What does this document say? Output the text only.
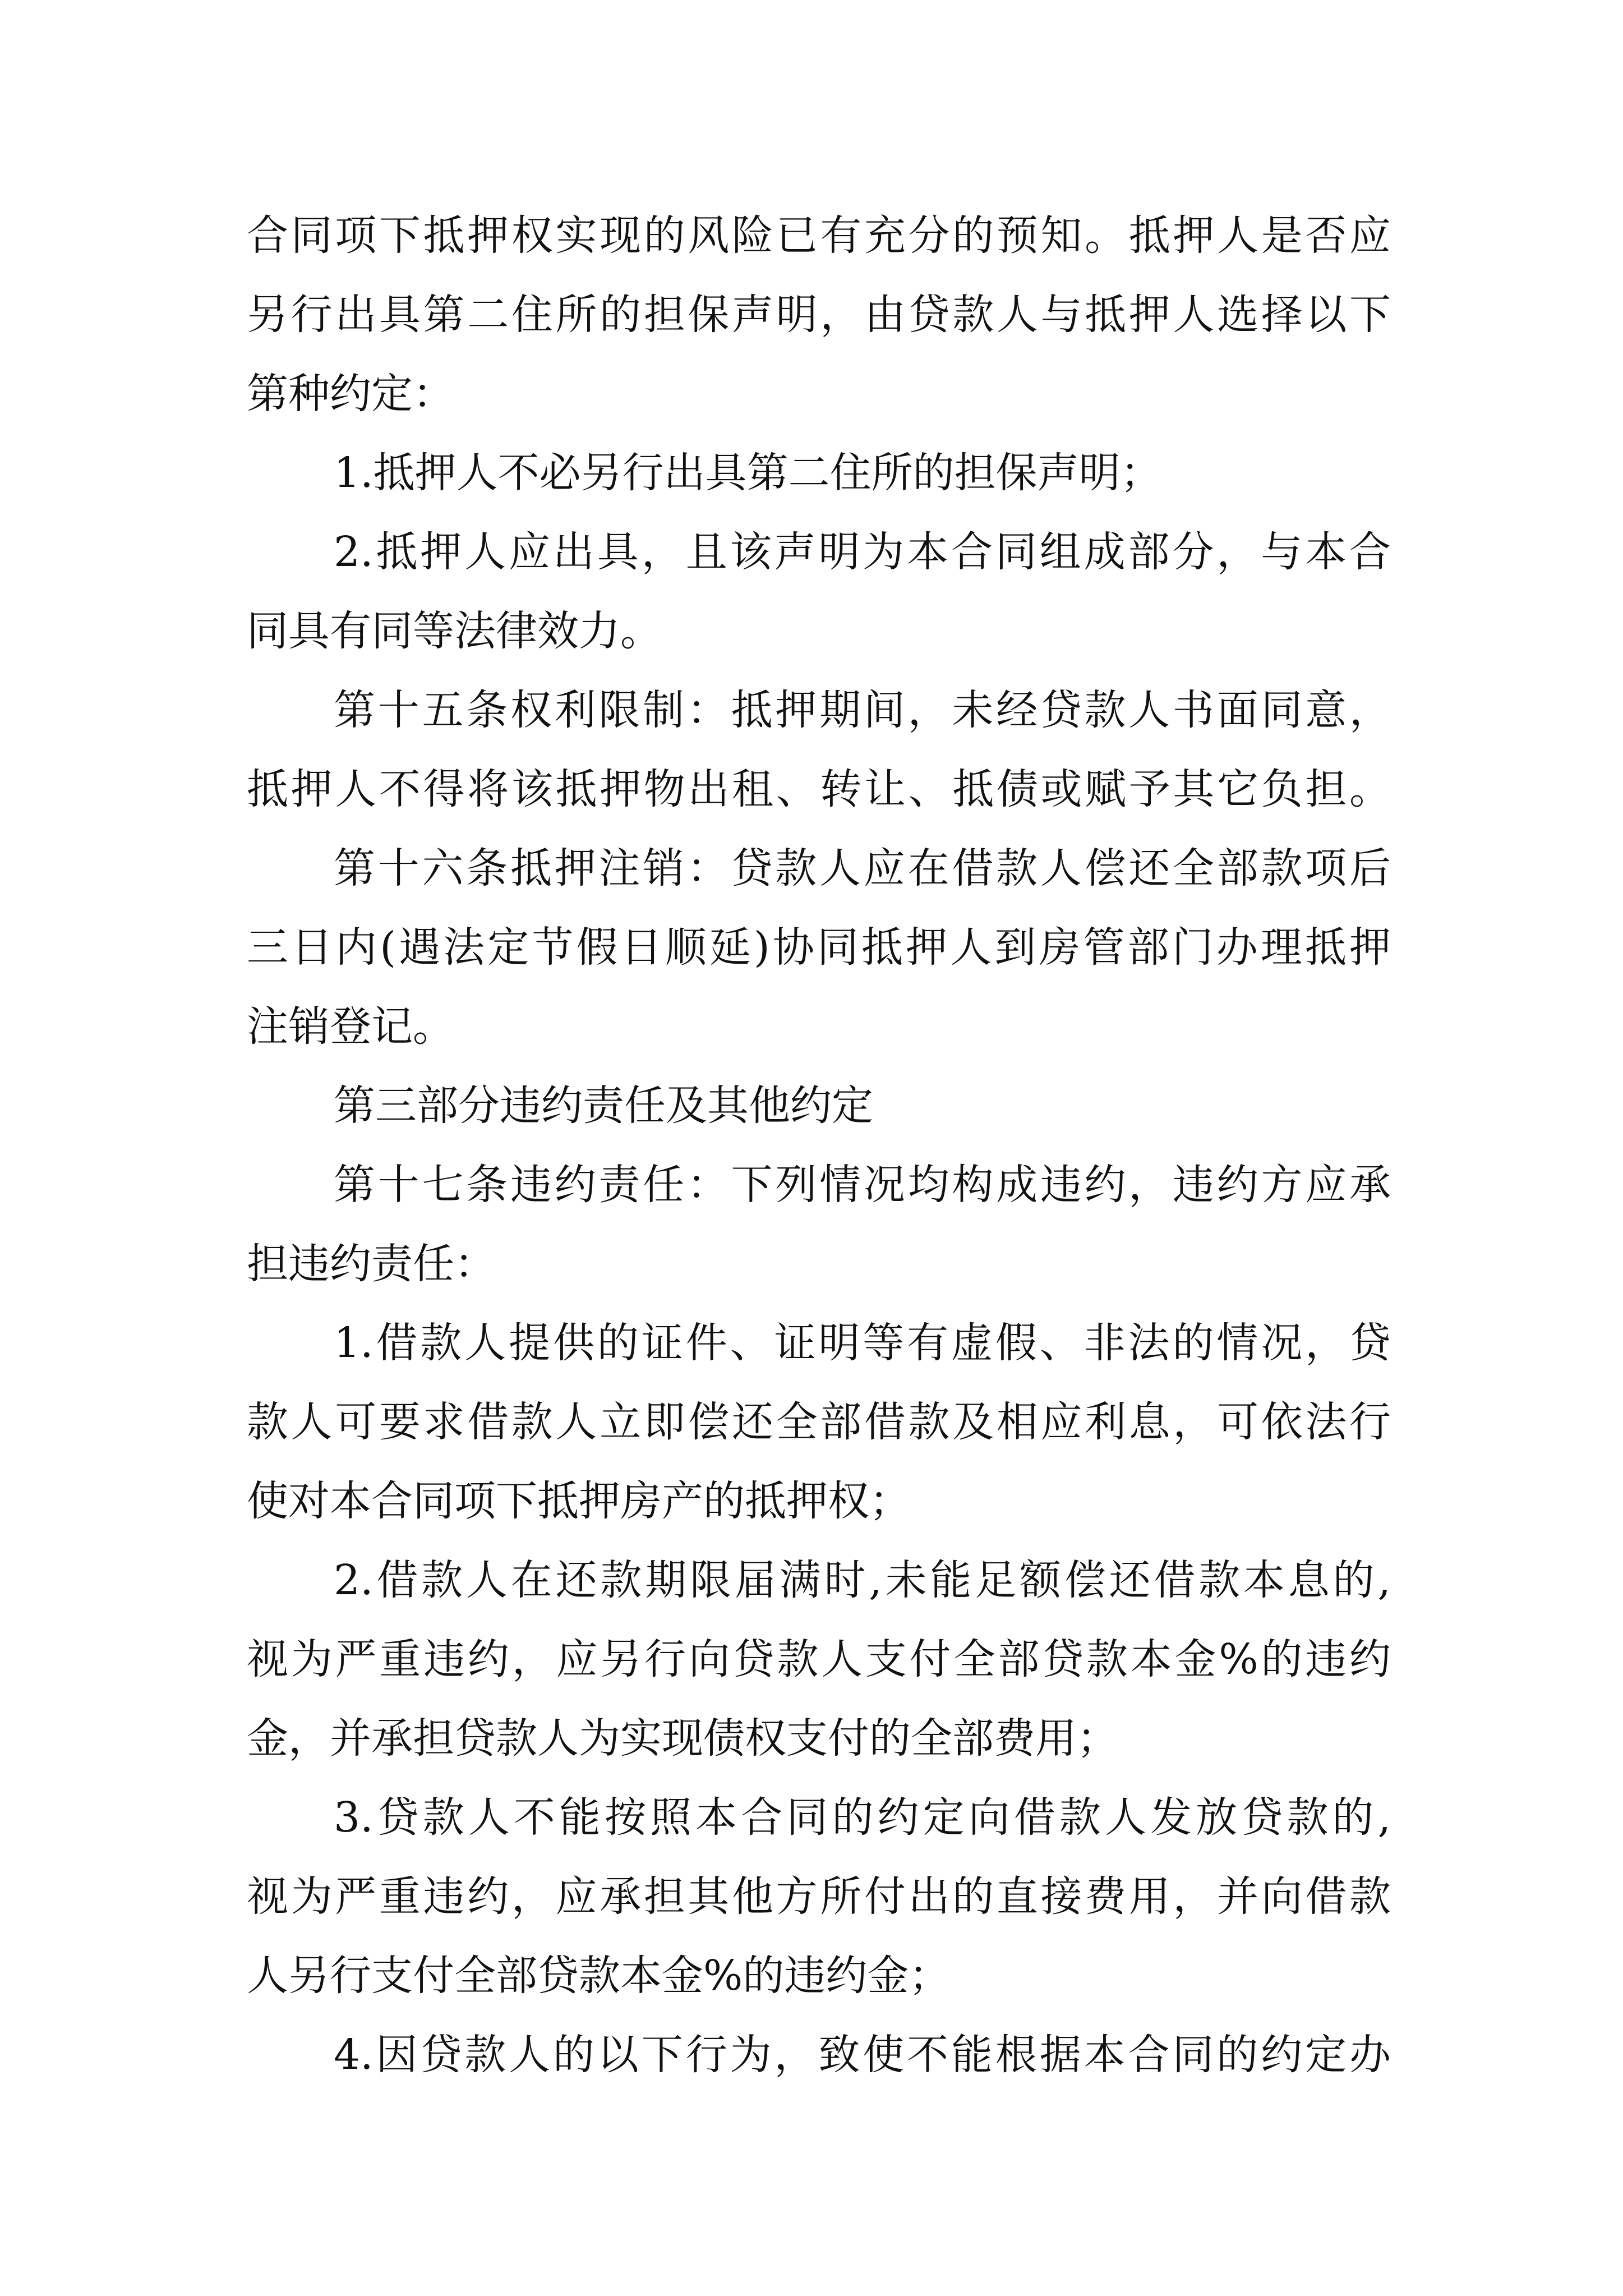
合同项下抵押权实现的风险已有充分的预知。抵押人是否应
另行出具第二住所的担保声明，由贷款人与抵押人选择以下
第种约定：
1.抵押人不必另行出具第二住所的担保声明；
2.抵押人应出具，且该声明为本合同组成部分，与本合
同具有同等法律效力。
第十五条权利限制：抵押期间，未经贷款人书面同意，
抵押人不得将该抵押物出租、转让、抵债或赋予其它负担。
第十六条抵押注销：贷款人应在借款人偿还全部款项后
三日内(遇法定节假日顺延)协同抵押人到房管部门办理抵押
注销登记。
第三部分违约责任及其他约定
第十七条违约责任：下列情况均构成违约，违约方应承
担违约责任：
1.借款人提供的证件、证明等有虚假、非法的情况，贷
款人可要求借款人立即偿还全部借款及相应利息，可依法行
使对本合同项下抵押房产的抵押权；
2.借款人在还款期限届满时,未能足额偿还借款本息的,
视为严重违约，应另行向贷款人支付全部贷款本金%的违约
金，并承担贷款人为实现债权支付的全部费用；
3.贷款人不能按照本合同的约定向借款人发放贷款的,
视为严重违约，应承担其他方所付出的直接费用，并向借款
人另行支付全部贷款本金%的违约金；
4.因贷款人的以下行为，致使不能根据本合同的约定办
